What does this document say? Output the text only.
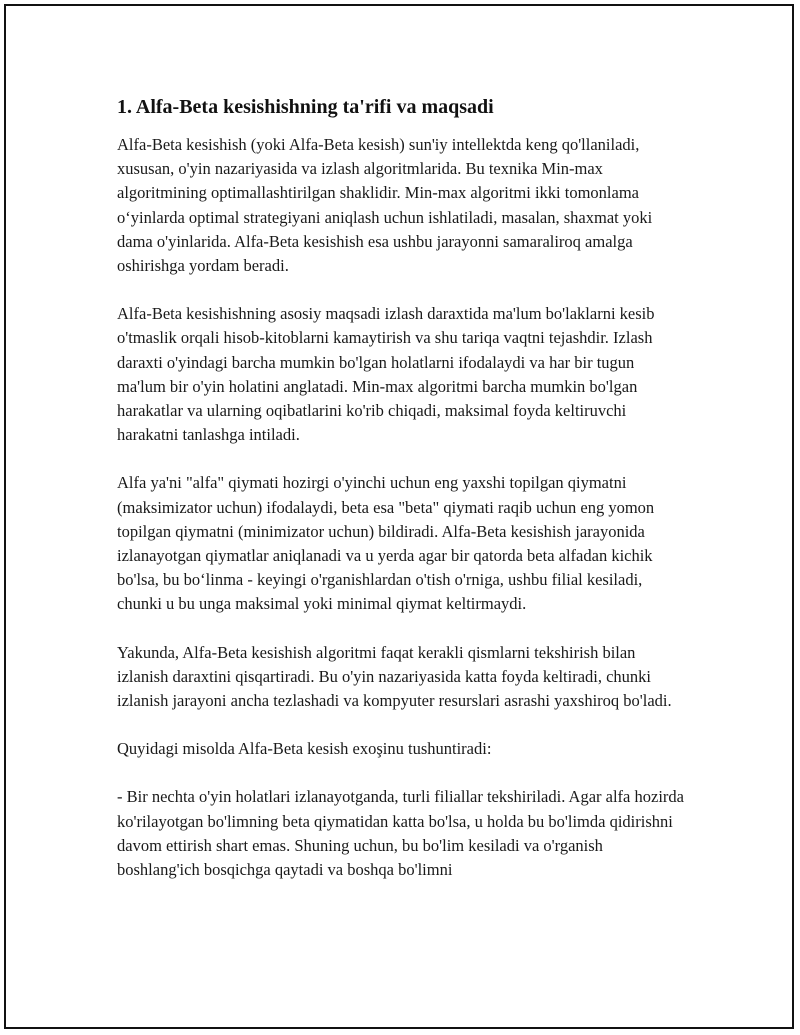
1. Alfa-Beta kesishishning ta'rifi va maqsadi

Alfa-Beta kesishish (yoki Alfa-Beta kesish) sun'iy intellektda keng qo'llaniladi, xususan, o'yin nazariyasida va izlash algoritmlarida. Bu texnika Min-max algoritmining optimallashtirilgan shaklidir. Min-max algoritmi ikki tomonlama o‘yinlarda optimal strategiyani aniqlash uchun ishlatiladi, masalan, shaxmat yoki dama o'yinlarida. Alfa-Beta kesishish esa ushbu jarayonni samaraliroq amalga oshirishga yordam beradi.

Alfa-Beta kesishishning asosiy maqsadi izlash daraxtida ma'lum bo'laklarni kesib o'tmaslik orqali hisob-kitoblarni kamaytirish va shu tariqa vaqtni tejashdir. Izlash daraxti o'yindagi barcha mumkin bo'lgan holatlarni ifodalaydi va har bir tugun ma'lum bir o'yin holatini anglatadi. Min-max algoritmi barcha mumkin bo'lgan harakatlar va ularning oqibatlarini ko'rib chiqadi, maksimal foyda keltiruvchi harakatni tanlashga intiladi.

Alfa ya'ni "alfa" qiymati hozirgi o'yinchi uchun eng yaxshi topilgan qiymatni (maksimizator uchun) ifodalaydi, beta esa "beta" qiymati raqib uchun eng yomon topilgan qiymatni (minimizator uchun) bildiradi. Alfa-Beta kesishish jarayonida izlanayotgan qiymatlar aniqlanadi va u yerda agar bir qatorda beta alfadan kichik bo'lsa, bu bo‘linma - keyingi o'rganishlardan o'tish o'rniga, ushbu filial kesiladi, chunki u bu unga maksimal yoki minimal qiymat keltirmaydi.

Yakunda, Alfa-Beta kesishish algoritmi faqat kerakli qismlarni tekshirish bilan izlanish daraxtini qisqartiradi. Bu o'yin nazariyasida katta foyda keltiradi, chunki izlanish jarayoni ancha tezlashadi va kompyuter resurslari asrashi yaxshiroq bo'ladi.

Quyidagi misolda Alfa-Beta kesish exoşinu tushuntiradi:

- Bir nechta o'yin holatlari izlanayotganda, turli filiallar tekshiriladi. Agar alfa hozirda ko'rilayotgan bo'limning beta qiymatidan katta bo'lsa, u holda bu bo'limda qidirishni davom ettirish shart emas. Shuning uchun, bu bo'lim kesiladi va o'rganish boshlang'ich bosqichga qaytadi va boshqa bo'limni
